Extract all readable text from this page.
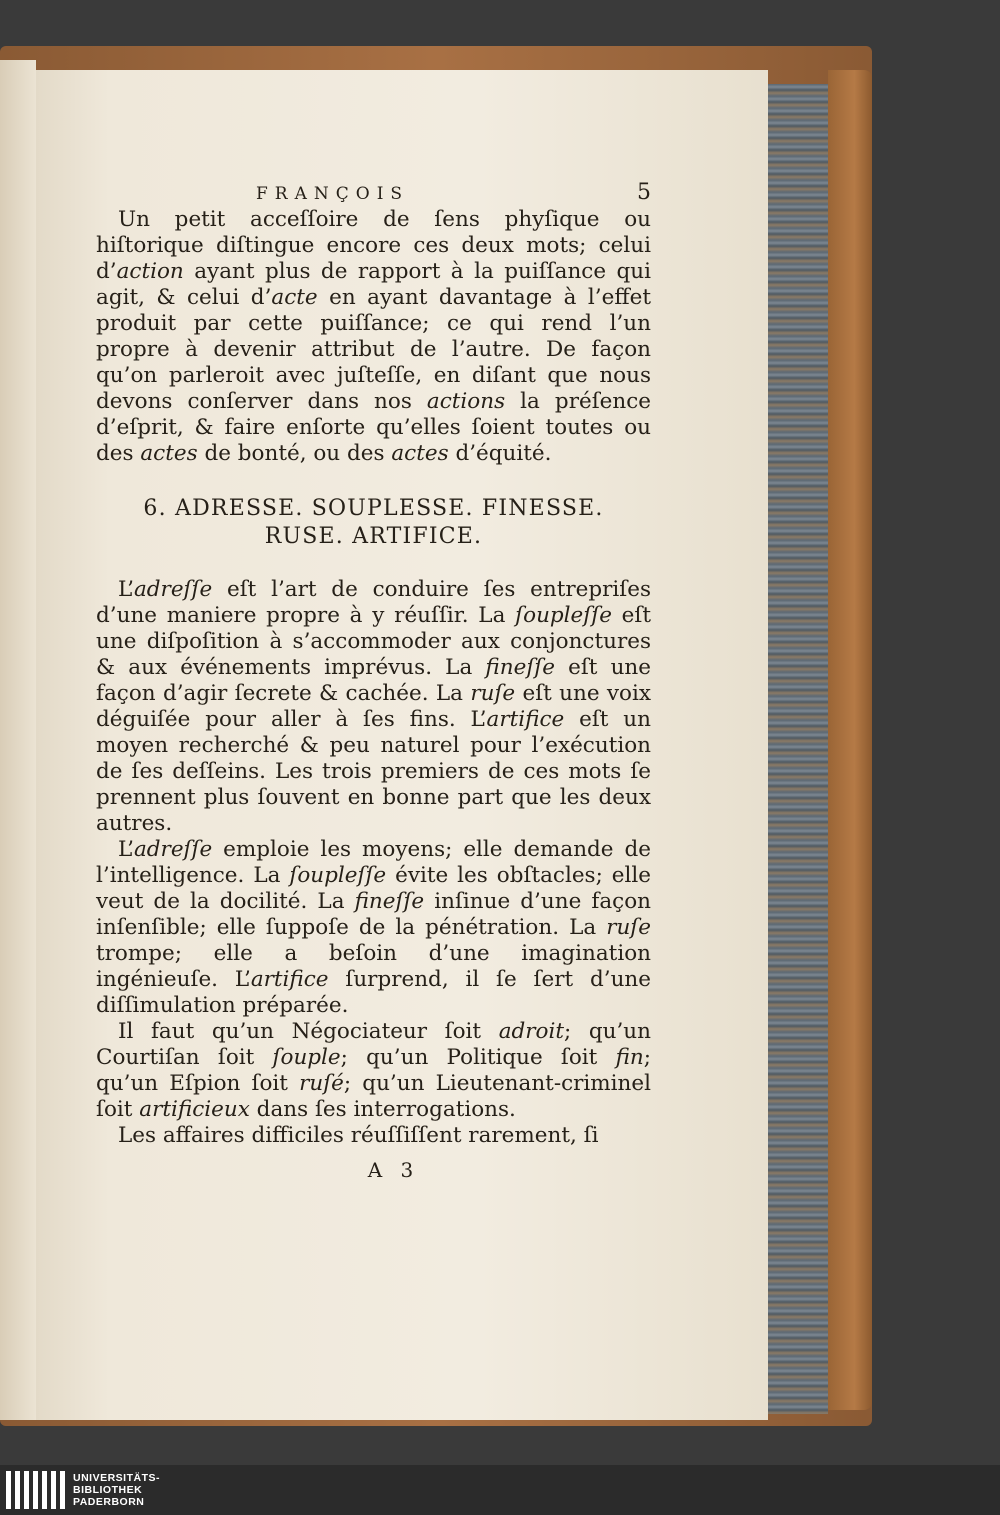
FRANÇOIS	5

Un petit acceſſoire de ſens phyſique ou hiſtorique diſtingue encore ces deux mots; celui d’action ayant plus de rapport à la puiſſance qui agit, & celui d’acte en ayant davantage à l’effet produit par cette puiſſance; ce qui rend l’un propre à devenir attribut de l’autre. De façon qu’on parleroit avec juſteſſe, en diſant que nous devons conſerver dans nos actions la préſence d’eſprit, & faire enſorte qu’elles ſoient toutes ou des actes de bonté, ou des actes d’équité.

6. ADRESSE. SOUPLESSE. FINESSE.
RUSE. ARTIFICE.

L’adreſſe eſt l’art de conduire ſes entrepriſes d’une maniere propre à y réuſſir. La ſoupleſſe eſt une diſpoſition à s’accommoder aux conjonctures & aux événements imprévus. La fineſſe eſt une façon d’agir ſecrete & cachée. La ruſe eſt une voix déguiſée pour aller à ſes fins. L’artifice eſt un moyen recherché & peu naturel pour l’exécution de ſes deſſeins. Les trois premiers de ces mots ſe prennent plus ſouvent en bonne part que les deux autres.

L’adreſſe emploie les moyens; elle demande de l’intelligence. La ſoupleſſe évite les obſtacles; elle veut de la docilité. La fineſſe inſinue d’une façon inſenſible; elle ſuppoſe de la pénétration. La ruſe trompe; elle a beſoin d’une imagination ingénieuſe. L’artifice ſurprend, il ſe ſert d’une diſſimulation préparée.

Il faut qu’un Négociateur ſoit adroit; qu’un Courtiſan ſoit ſouple; qu’un Politique ſoit fin; qu’un Eſpion ſoit ruſé; qu’un Lieutenant-criminel ſoit artificieux dans ſes interrogations.

Les affaires difficiles réuſſiſſent rarement, ſi

A 3
UNIVERSITÄTS-
BIBLIOTHEK
PADERBORN
